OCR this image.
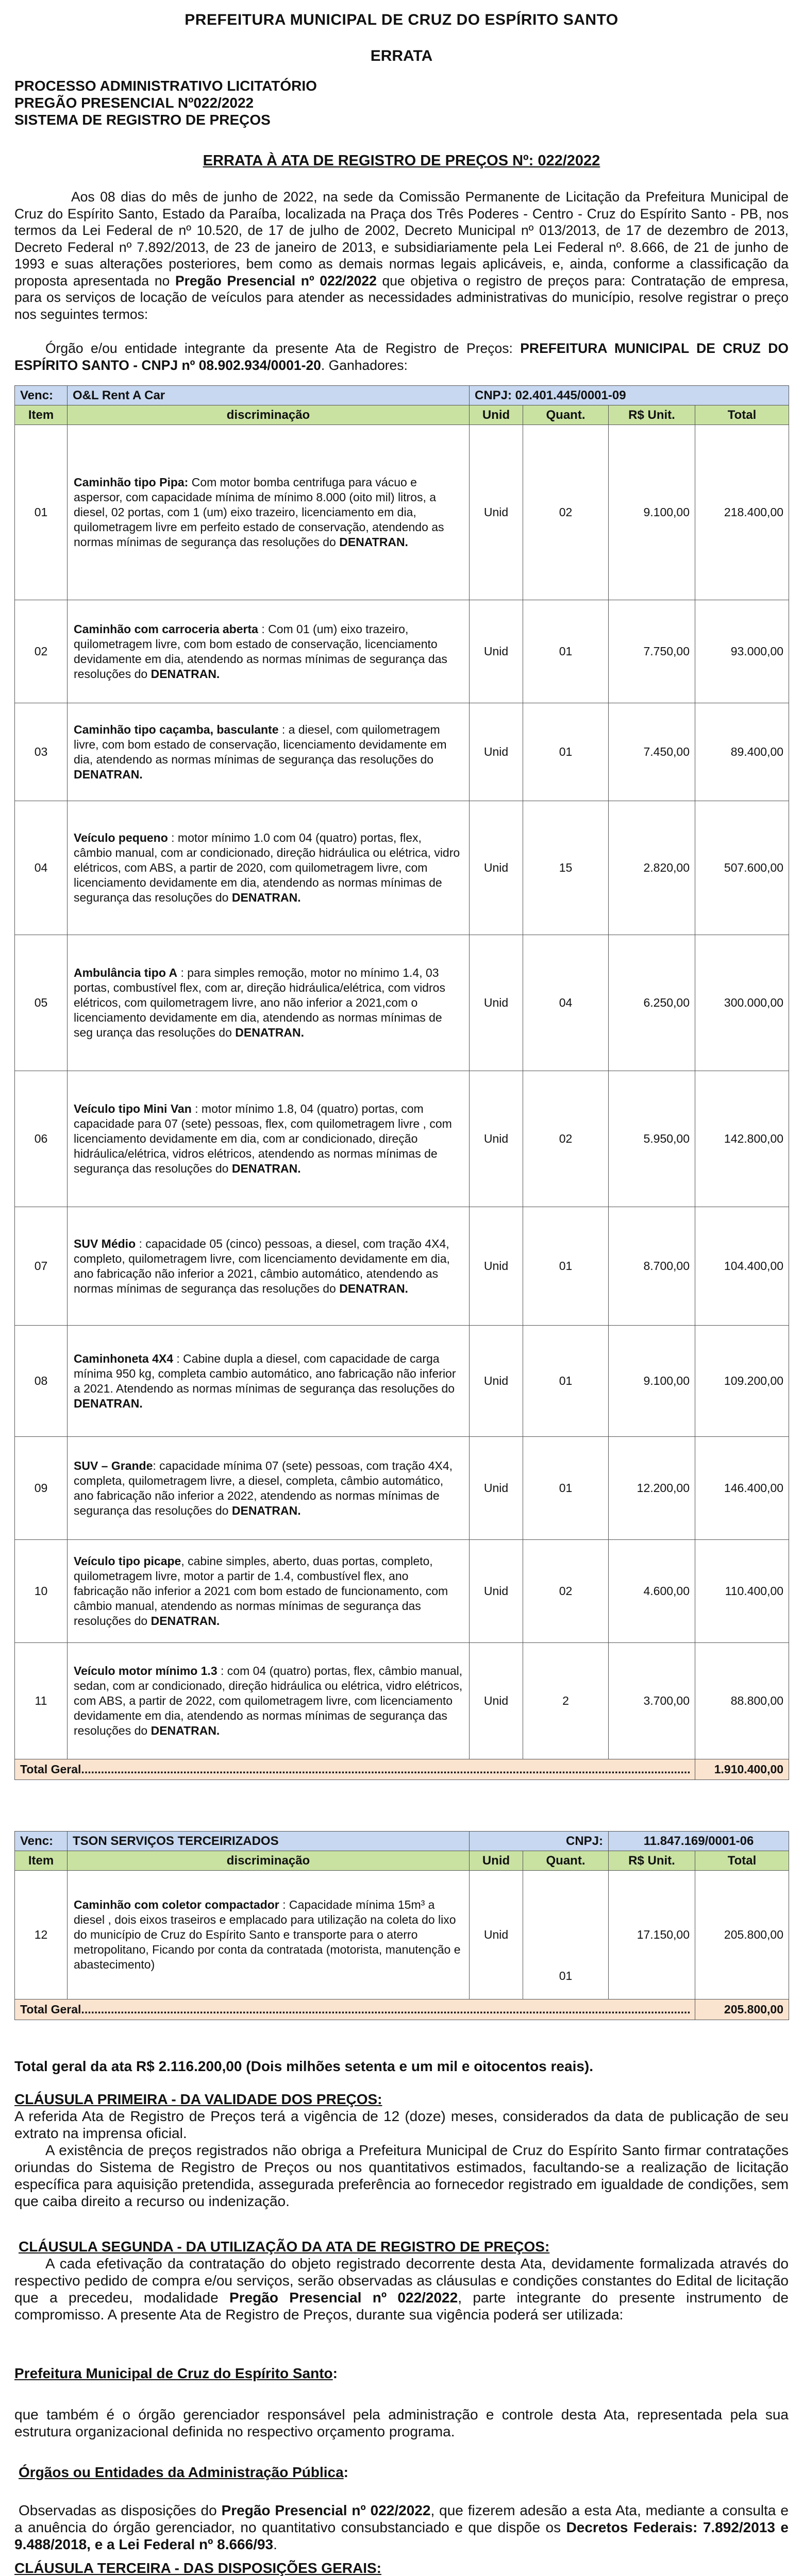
PREFEITURA MUNICIPAL DE CRUZ DO ESPÍRITO SANTO
ERRATA
PROCESSO ADMINISTRATIVO LICITATÓRIO
PREGÃO PRESENCIAL Nº022/2022
SISTEMA DE REGISTRO DE PREÇOS
ERRATA À ATA DE REGISTRO DE PREÇOS Nº: 022/2022
Aos 08 dias do mês de junho de 2022, na sede da Comissão Permanente de Licitação da Prefeitura Municipal de Cruz do Espírito Santo, Estado da Paraíba, localizada na Praça dos Três Poderes - Centro - Cruz do Espírito Santo - PB, nos termos da Lei Federal de nº 10.520, de 17 de julho de 2002, Decreto Municipal nº 013/2013, de 17 de dezembro de 2013, Decreto Federal nº 7.892/2013, de 23 de janeiro de 2013, e subsidiariamente pela Lei Federal nº. 8.666, de 21 de junho de 1993 e suas alterações posteriores, bem como as demais normas legais aplicáveis, e, ainda, conforme a classificação da proposta apresentada no Pregão Presencial nº 022/2022 que objetiva o registro de preços para: Contratação de empresa, para os serviços de locação de veículos para atender as necessidades administrativas do município, resolve registrar o preço nos seguintes termos:
Órgão e/ou entidade integrante da presente Ata de Registro de Preços: PREFEITURA MUNICIPAL DE CRUZ DO ESPÍRITO SANTO - CNPJ nº 08.902.934/0001-20. Ganhadores:
Venc:	O&L Rent A Car	CNPJ: 02.401.445/0001-09			
Item	discriminação	Unid	Quant.	R$ Unit.	Total
01	Caminhão tipo Pipa: Com motor bomba centrifuga para vácuo e aspersor, com capacidade mínima de mínimo 8.000 (oito mil) litros, a diesel, 02 portas, com 1 (um) eixo trazeiro, licenciamento em dia, quilometragem livre em perfeito estado de conservação, atendendo as normas mínimas de segurança das resoluções do DENATRAN.	Unid	02	9.100,00	218.400,00
02	Caminhão com carroceria aberta : Com 01 (um) eixo trazeiro, quilometragem livre, com bom estado de conservação, licenciamento devidamente em dia, atendendo as normas mínimas de segurança das resoluções do DENATRAN.	Unid	01	7.750,00	93.000,00
03	Caminhão tipo caçamba, basculante : a diesel, com quilometragem livre, com bom estado de conservação, licenciamento devidamente em dia, atendendo as normas mínimas de segurança das resoluções do DENATRAN.	Unid	01	7.450,00	89.400,00
04	Veículo pequeno : motor mínimo 1.0 com 04 (quatro) portas, flex, câmbio manual, com ar condicionado, direção hidráulica ou elétrica, vidro elétricos, com ABS, a partir de 2020, com quilometragem livre, com licenciamento devidamente em dia, atendendo as normas mínimas de segurança das resoluções do DENATRAN.	Unid	15	2.820,00	507.600,00
05	Ambulância tipo A : para simples remoção, motor no mínimo 1.4, 03 portas, combustível flex, com ar, direção hidráulica/elétrica, com vidros elétricos, com quilometragem livre, ano não inferior a 2021,com o licenciamento devidamente em dia, atendendo as normas mínimas de seg urança das resoluções do DENATRAN.	Unid	04	6.250,00	300.000,00
06	Veículo tipo Mini Van : motor mínimo 1.8, 04 (quatro) portas, com capacidade para 07 (sete) pessoas, flex, com quilometragem livre , com licenciamento devidamente em dia, com ar condicionado, direção hidráulica/elétrica, vidros elétricos, atendendo as normas mínimas de segurança das resoluções do DENATRAN.	Unid	02	5.950,00	142.800,00
07	SUV Médio : capacidade 05 (cinco) pessoas, a diesel, com tração 4X4, completo, quilometragem livre, com licenciamento devidamente em dia, ano fabricação não inferior a 2021, câmbio automático, atendendo as normas mínimas de segurança das resoluções do DENATRAN.	Unid	01	8.700,00	104.400,00
08	Caminhoneta 4X4 : Cabine dupla a diesel, com capacidade de carga mínima 950 kg, completa cambio automático, ano fabricação não inferior a 2021. Atendendo as normas mínimas de segurança das resoluções do DENATRAN.	Unid	01	9.100,00	109.200,00
09	SUV – Grande: capacidade mínima 07 (sete) pessoas, com tração 4X4, completa, quilometragem livre, a diesel, completa, câmbio automático, ano fabricação não inferior a 2022, atendendo as normas mínimas de segurança das resoluções do DENATRAN.	Unid	01	12.200,00	146.400,00
10	Veículo tipo picape, cabine simples, aberto, duas portas, completo, quilometragem livre, motor a partir de 1.4, combustível flex, ano fabricação não inferior a 2021 com bom estado de funcionamento, com câmbio manual, atendendo as normas mínimas de segurança das resoluções do DENATRAN.	Unid	02	4.600,00	110.400,00
11	Veículo motor mínimo 1.3 : com 04 (quatro) portas, flex, câmbio manual, sedan, com ar condicionado, direção hidráulica ou elétrica, vidro elétricos, com ABS, a partir de 2022, com quilometragem livre, com licenciamento devidamente em dia, atendendo as normas mínimas de segurança das resoluções do DENATRAN.	Unid	2	3.700,00	88.800,00
Total Geral.........................................................................................................................................................................................					1.910.400,00
Venc:	TSON SERVIÇOS TERCEIRIZADOS	CNPJ:		11.847.169/0001-06	
Item	discriminação	Unid	Quant.	R$ Unit.	Total
12	Caminhão com coletor compactador : Capacidade mínima 15m³ a diesel , dois eixos traseiros e emplacado para utilização na coleta do lixo do município de Cruz do Espírito Santo e transporte para o aterro metropolitano, Ficando por conta da contratada (motorista, manutenção e abastecimento)	Unid	01	17.150,00	205.800,00
Total Geral.........................................................................................................................................................................................					205.800,00
Total geral da ata R$ 2.116.200,00 (Dois milhões setenta e um mil e oitocentos reais).
CLÁUSULA PRIMEIRA - DA VALIDADE DOS PREÇOS:
A referida Ata de Registro de Preços terá a vigência de 12 (doze) meses, considerados da data de publicação de seu extrato na imprensa oficial.
A existência de preços registrados não obriga a Prefeitura Municipal de Cruz do Espírito Santo firmar contratações oriundas do Sistema de Registro de Preços ou nos quantitativos estimados, facultando-se a realização de licitação específica para aquisição pretendida, assegurada preferência ao fornecedor registrado em igualdade de condições, sem que caiba direito a recurso ou indenização.
CLÁUSULA SEGUNDA - DA UTILIZAÇÃO DA ATA DE REGISTRO DE PREÇOS:
A cada efetivação da contratação do objeto registrado decorrente desta Ata, devidamente formalizada através do respectivo pedido de compra e/ou serviços, serão observadas as cláusulas e condições constantes do Edital de licitação que a precedeu, modalidade Pregão Presencial nº 022/2022, parte integrante do presente instrumento de compromisso. A presente Ata de Registro de Preços, durante sua vigência poderá ser utilizada:
Prefeitura Municipal de Cruz do Espírito Santo:
que também é o órgão gerenciador responsável pela administração e controle desta Ata, representada pela sua estrutura organizacional definida no respectivo orçamento programa.
Órgãos ou Entidades da Administração Pública:
Observadas as disposições do Pregão Presencial nº 022/2022, que fizerem adesão a esta Ata, mediante a consulta e a anuência do órgão gerenciador, no quantitativo consubstanciado e que dispõe os Decretos Federais: 7.892/2013 e 9.488/2018, e a Lei Federal nº 8.666/93.
CLÁUSULA TERCEIRA - DAS DISPOSIÇÕES GERAIS:
